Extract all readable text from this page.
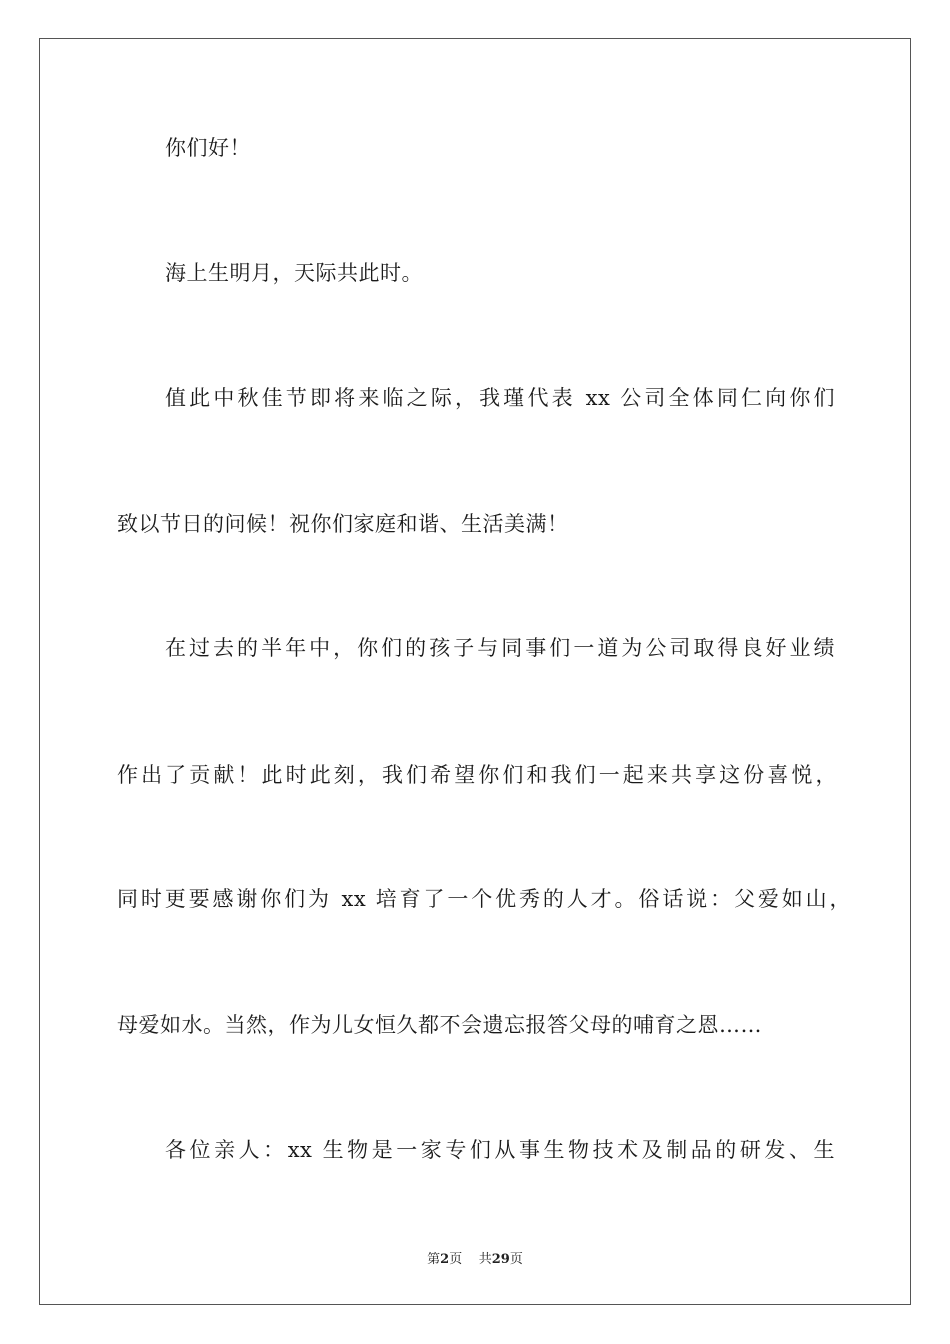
你们好！
海上生明月，天际共此时。
值此中秋佳节即将来临之际，我瑾代表 xx 公司全体同仁向你们
致以节日的问候！祝你们家庭和谐、生活美满！
在过去的半年中，你们的孩子与同事们一道为公司取得良好业绩
作出了贡献！此时此刻，我们希望你们和我们一起来共享这份喜悦，
同时更要感谢你们为 xx 培育了一个优秀的人才。俗话说：父爱如山，
母爱如水。当然，作为儿女恒久都不会遗忘报答父母的哺育之恩……
各位亲人：xx 生物是一家专们从事生物技术及制品的研发、生
第2页 共29页
